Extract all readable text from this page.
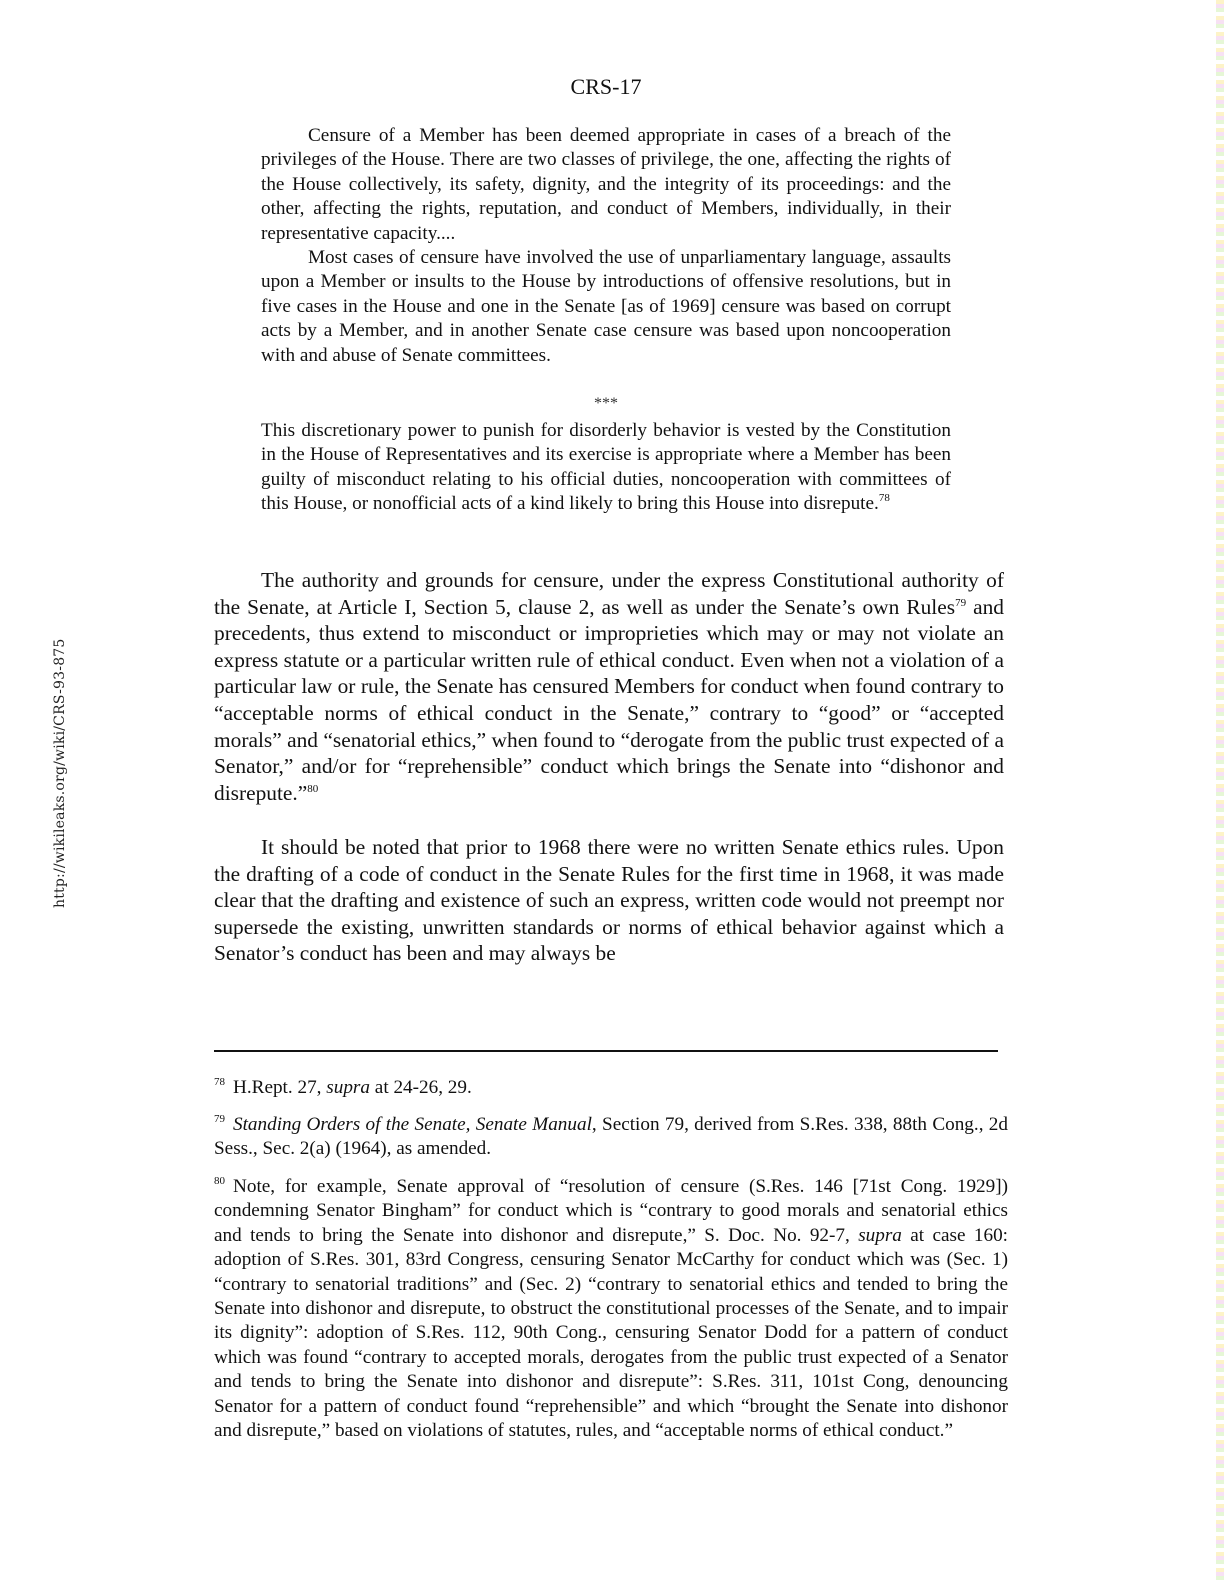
CRS-17
http://wikileaks.org/wiki/CRS-93-875

Censure of a Member has been deemed appropriate in cases of a breach of the privileges of the House. There are two classes of privilege, the one, affecting the rights of the House collectively, its safety, dignity, and the integrity of its proceedings: and the other, affecting the rights, reputation, and conduct of Members, individually, in their representative capacity....

Most cases of censure have involved the use of unparliamentary language, assaults upon a Member or insults to the House by introductions of offensive resolutions, but in five cases in the House and one in the Senate [as of 1969] censure was based on corrupt acts by a Member, and in another Senate case censure was based upon noncooperation with and abuse of Senate committees.

***

This discretionary power to punish for disorderly behavior is vested by the Constitution in the House of Representatives and its exercise is appropriate where a Member has been guilty of misconduct relating to his official duties, noncooperation with committees of this House, or nonofficial acts of a kind likely to bring this House into disrepute.$^{78}$

The authority and grounds for censure, under the express Constitutional authority of the Senate, at Article I, Section 5, clause 2, as well as under the Senate’s own Rules$^{79}$ and precedents, thus extend to misconduct or improprieties which may or may not violate an express statute or a particular written rule of ethical conduct. Even when not a violation of a particular law or rule, the Senate has censured Members for conduct when found contrary to “acceptable norms of ethical conduct in the Senate,” contrary to “good” or “accepted morals” and “senatorial ethics,” when found to “derogate from the public trust expected of a Senator,” and/or for “reprehensible” conduct which brings the Senate into “dishonor and disrepute.”$^{80}$

It should be noted that prior to 1968 there were no written Senate ethics rules. Upon the drafting of a code of conduct in the Senate Rules for the first time in 1968, it was made clear that the drafting and existence of such an express, written code would not preempt nor supersede the existing, unwritten standards or norms of ethical behavior against which a Senator’s conduct has been and may always be

$^{78}$ H.Rept. 27, supra at 24-26, 29.

$^{79}$ Standing Orders of the Senate, Senate Manual, Section 79, derived from S.Res. 338, 88th Cong., 2d Sess., Sec. 2(a) (1964), as amended.

$^{80}$ Note, for example, Senate approval of “resolution of censure (S.Res. 146 [71st Cong. 1929]) condemning Senator Bingham” for conduct which is “contrary to good morals and senatorial ethics and tends to bring the Senate into dishonor and disrepute,” S. Doc. No. 92-7, supra at case 160: adoption of S.Res. 301, 83rd Congress, censuring Senator McCarthy for conduct which was (Sec. 1) “contrary to senatorial traditions” and (Sec. 2) “contrary to senatorial ethics and tended to bring the Senate into dishonor and disrepute, to obstruct the constitutional processes of the Senate, and to impair its dignity”: adoption of S.Res. 112, 90th Cong., censuring Senator Dodd for a pattern of conduct which was found “contrary to accepted morals, derogates from the public trust expected of a Senator and tends to bring the Senate into dishonor and disrepute”: S.Res. 311, 101st Cong, denouncing Senator for a pattern of conduct found “reprehensible” and which “brought the Senate into dishonor and disrepute,” based on violations of statutes, rules, and “acceptable norms of ethical conduct.”
